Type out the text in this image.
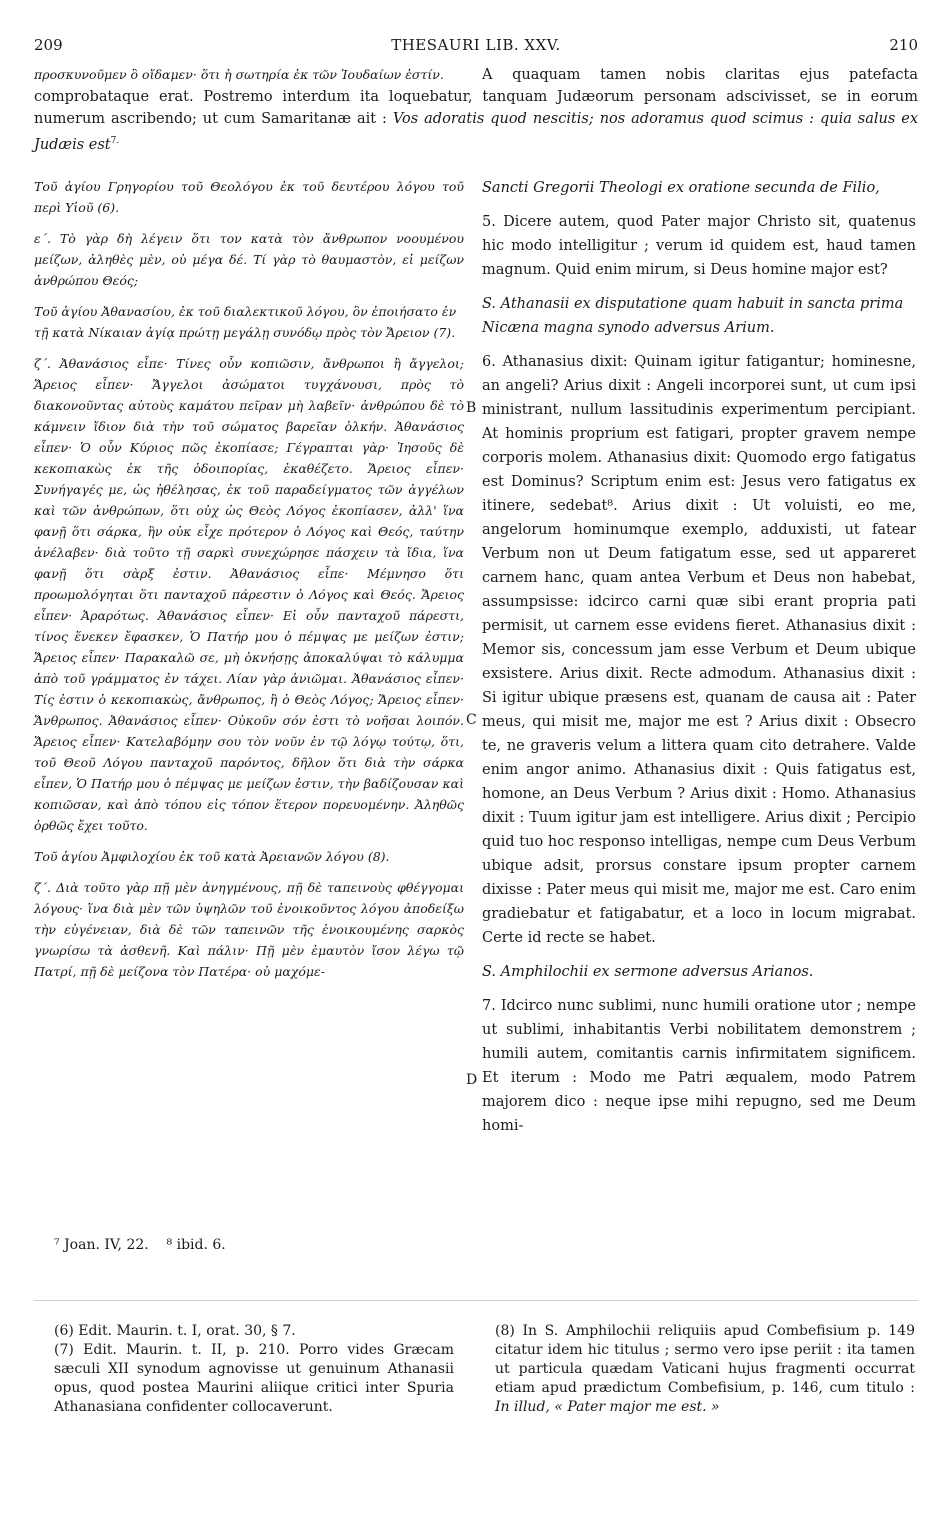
209	THESAURI LIB. XXV.	210
προσκυνοῦμεν ὃ οἴδαμεν· ὅτι ἡ σωτηρία ἐκ τῶν Ἰουδαίων ἐστίν.	A quaquam tamen nobis claritas ejus patefacta comprobataque erat. Postremo interdum ita loquebatur, tanquam Judæorum personam adscivisset, se in eorum numerum ascribendo; ut cum Samaritanæ ait : Vos adoratis quod nescitis; nos adoramus quod scimus : quia salus ex Judæis est$^{7.}$

Τοῦ ἁγίου Γρηγορίου τοῦ Θεολόγου ἐκ τοῦ δευτέρου λόγου τοῦ περὶ Υἱοῦ (6).

ε´. Τὸ γὰρ δὴ λέγειν ὅτι τον κατὰ τὸν ἄνθρωπον νοουμένου μείζων, ἀληθὲς μὲν, οὐ μέγα δέ. Τί γὰρ τὸ θαυμαστὸν, εἰ μείζων ἀνθρώπου Θεός;

Τοῦ ἁγίου Ἀθανασίου, ἐκ τοῦ διαλεκτικοῦ λόγου, ὃν ἐποιήσατο ἐν τῇ κατὰ Νίκαιαν ἁγίᾳ πρώτῃ μεγάλῃ συνόδῳ πρὸς τὸν Ἄρειον (7).

ζ´. Ἀθανάσιος εἶπε· Τίνες οὖν κοπιῶσιν, ἄνθρωποι ἢ ἄγγελοι; Ἄρειος εἶπεν· Ἄγγελοι ἀσώματοι τυγχάνουσι, πρὸς τὸ διακονοῦντας αὐτοὺς καμάτου πεῖραν μὴ λαβεῖν· ἀνθρώπου δὲ τὸ κάμνειν ἴδιον διὰ τὴν τοῦ σώματος βαρεῖαν ὁλκήν. Ἀθανάσιος εἶπεν· Ὁ οὖν Κύριος πῶς ἐκοπίασε; Γέγραπται γὰρ· Ἰησοῦς δὲ κεκοπιακὼς ἐκ τῆς ὁδοιπορίας, ἐκαθέζετο. Ἄρειος εἶπεν· Συνήγαγές με, ὡς ἠθέλησας, ἐκ τοῦ παραδείγματος τῶν ἀγγέλων καὶ τῶν ἀνθρώπων, ὅτι οὐχ ὡς Θεὸς Λόγος ἐκοπίασεν, ἀλλ' ἵνα φανῇ ὅτι σάρκα, ἣν οὐκ εἶχε πρότερον ὁ Λόγος καὶ Θεός, ταύτην ἀνέλαβεν· διὰ τοῦτο τῇ σαρκὶ συνεχώρησε πάσχειν τὰ ἴδια, ἵνα φανῇ ὅτι σὰρξ ἐστιν. Ἀθανάσιος εἶπε· Μέμνησο ὅτι προωμολόγηται ὅτι πανταχοῦ πάρεστιν ὁ Λόγος καὶ Θεός. Ἄρειος εἶπεν· Ἀραρότως. Ἀθανάσιος εἶπεν· Εἰ οὖν πανταχοῦ πάρεστι, τίνος ἕνεκεν ἔφασκεν, Ὁ Πατήρ μου ὁ πέμψας με μείζων ἐστιν; Ἄρειος εἶπεν· Παρακαλῶ σε, μὴ ὀκνήσῃς ἀποκαλύψαι τὸ κάλυμμα ἀπὸ τοῦ γράμματος ἐν τάχει. Λίαν γὰρ ἀνιῶμαι. Ἀθανάσιος εἶπεν· Τίς ἐστιν ὁ κεκοπιακὼς, ἄνθρωπος, ἢ ὁ Θεὸς Λόγος; Ἄρειος εἶπεν· Ἄνθρωπος. Ἀθανάσιος εἶπεν· Οὐκοῦν σόν ἐστι τὸ νοῆσαι λοιπόν. Ἄρειος εἶπεν· Κατελαβόμην σου τὸν νοῦν ἐν τῷ λόγῳ τούτῳ, ὅτι, τοῦ Θεοῦ Λόγου πανταχοῦ παρόντος, δῆλον ὅτι διὰ τὴν σάρκα εἶπεν, Ὁ Πατήρ μου ὁ πέμψας με μείζων ἐστιν, τὴν βαδίζουσαν καὶ κοπιῶσαν, καὶ ἀπὸ τόπου εἰς τόπον ἕτερον πορευομένην. Ἀληθῶς ὀρθῶς ἔχει τοῦτο.

Τοῦ ἁγίου Ἀμφιλοχίου ἐκ τοῦ κατὰ Ἀρειανῶν λόγου (8).

ζ´. Διὰ τοῦτο γὰρ πῇ μὲν ἀνηγμένους, πῇ δὲ ταπεινοὺς φθέγγομαι λόγους· ἵνα διὰ μὲν τῶν ὑψηλῶν τοῦ ἐνοικοῦντος λόγου ἀποδείξω τὴν εὐγένειαν, διὰ δὲ τῶν ταπεινῶν τῆς ἐνοικουμένης σαρκὸς γνωρίσω τὰ ἀσθενῆ. Καὶ πάλιν· Πῇ μὲν ἐμαυτὸν ἴσον λέγω τῷ Πατρί, πῇ δὲ μείζονα τὸν Πατέρα· οὐ μαχόμε-

B
C
D

Sancti Gregorii Theologi ex oratione secunda de Filio,

5. Dicere autem, quod Pater major Christo sit, quatenus hic modo intelligitur ; verum id quidem est, haud tamen magnum. Quid enim mirum, si Deus homine major est?

S. Athanasii ex disputatione quam habuit in sancta prima Nicæna magna synodo adversus Arium.

6. Athanasius dixit: Quinam igitur fatigantur; hominesne, an angeli? Arius dixit : Angeli incorporei sunt, ut cum ipsi ministrant, nullum lassitudinis experimentum percipiant. At hominis proprium est fatigari, propter gravem nempe corporis molem. Athanasius dixit: Quomodo ergo fatigatus est Dominus? Scriptum enim est: Jesus vero fatigatus ex itinere, sedebat⁸. Arius dixit : Ut voluisti, eo me, angelorum hominumque exemplo, adduxisti, ut fatear Verbum non ut Deum fatigatum esse, sed ut appareret carnem hanc, quam antea Verbum et Deus non habebat, assumpsisse: idcirco carni quæ sibi erant propria pati permisit, ut carnem esse evidens fieret. Athanasius dixit : Memor sis, concessum jam esse Verbum et Deum ubique exsistere. Arius dixit. Recte admodum. Athanasius dixit : Si igitur ubique præsens est, quanam de causa ait : Pater meus, qui misit me, major me est ? Arius dixit : Obsecro te, ne graveris velum a littera quam cito detrahere. Valde enim angor animo. Athanasius dixit : Quis fatigatus est, homone, an Deus Verbum ? Arius dixit : Homo. Athanasius dixit : Tuum igitur jam est intelligere. Arius dixit ; Percipio quid tuo hoc responso intelligas, nempe cum Deus Verbum ubique adsit, prorsus constare ipsum propter carnem dixisse : Pater meus qui misit me, major me est. Caro enim gradiebatur et fatigabatur, et a loco in locum migrabat. Certe id recte se habet.

S. Amphilochii ex sermone adversus Arianos.

7. Idcirco nunc sublimi, nunc humili oratione utor ; nempe ut sublimi, inhabitantis Verbi nobilitatem demonstrem ; humili autem, comitantis carnis infirmitatem significem. Et iterum : Modo me Patri æqualem, modo Patrem majorem dico : neque ipse mihi repugno, sed me Deum homi-

⁷ Joan. IV, 22. ⁸ ibid. 6.

(6) Edit. Maurin. t. I, orat. 30, § 7.

(7) Edit. Maurin. t. II, p. 210. Porro vides Græcam sæculi XII synodum agnovisse ut genuinum Athanasii opus, quod postea Maurini aliique critici inter Spuria Athanasiana confidenter collocaverunt.

(8) In S. Amphilochii reliquiis apud Combefisium p. 149 citatur idem hic titulus ; sermo vero ipse periit : ita tamen ut particula quædam Vaticani hujus fragmenti occurrat etiam apud prædictum Combefisium, p. 146, cum titulo : In illud, « Pater major me est. »
